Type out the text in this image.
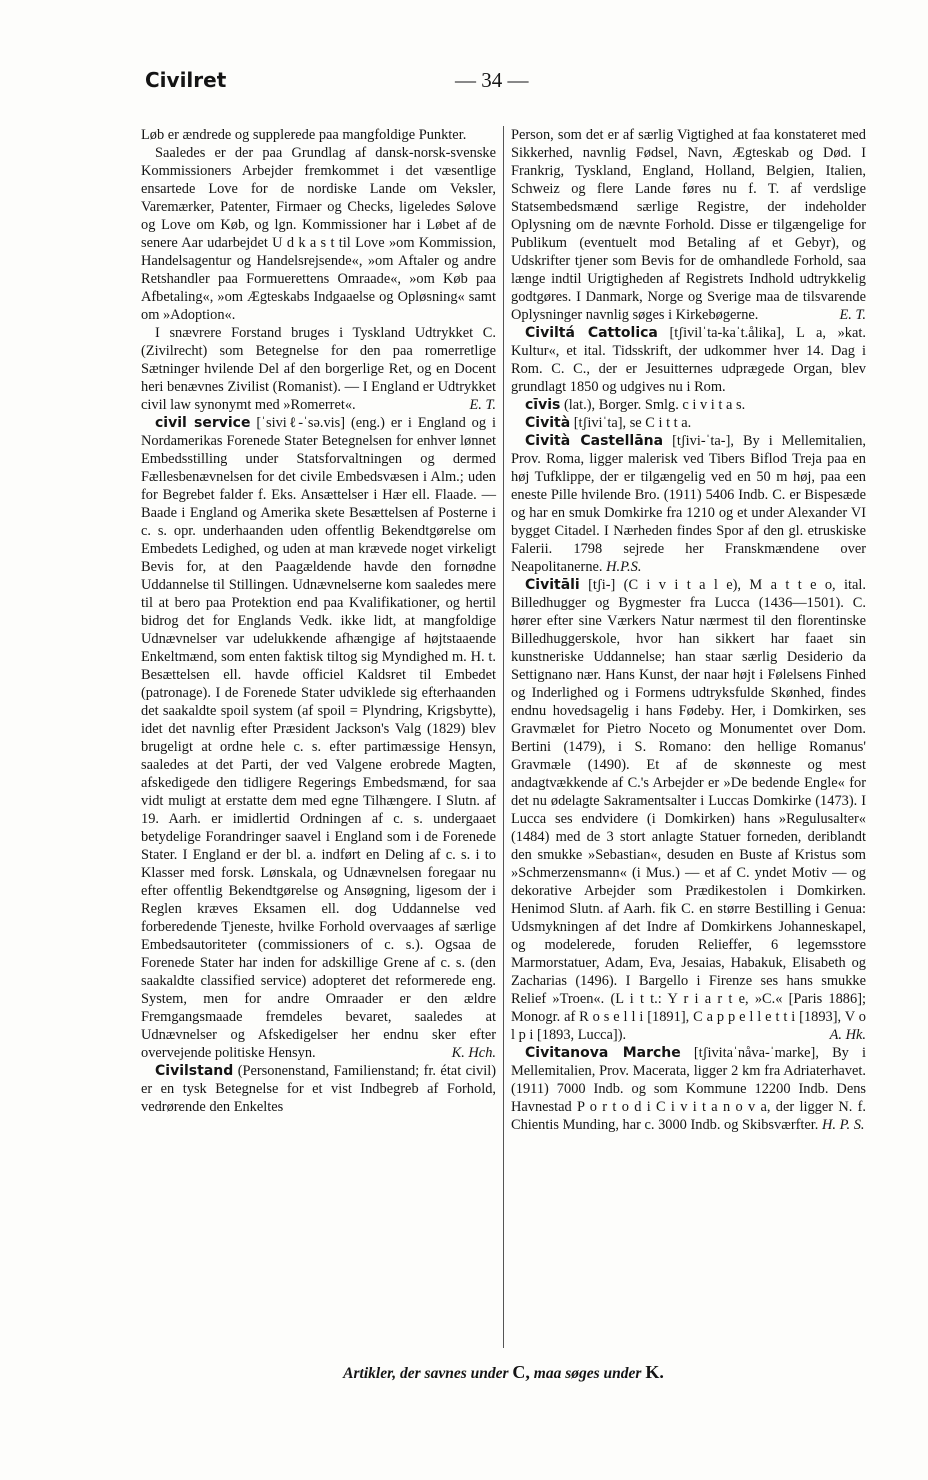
Civilret	— 34 —

Løb er ændrede og supplerede paa mangfoldige Punkter.

Saaledes er der paa Grundlag af dansk-norsk-svenske Kommissioners Arbejder fremkommet i det væsentlige ensartede Love for de nordiske Lande om Veksler, Varemærker, Patenter, Firmaer og Checks, ligeledes Sølove og Love om Køb, og lgn. Kommissioner har i Løbet af de senere Aar udarbejdet U d k a s t til Love »om Kommission, Handelsagentur og Handelsrejsende«, »om Aftaler og andre Retshandler paa Formuerettens Omraade«, »om Køb paa Afbetaling«, »om Ægteskabs Indgaaelse og Opløsning« samt om »Adoption«.

I snævrere Forstand bruges i Tyskland Udtrykket C. (Zivilrecht) som Betegnelse for den paa romerretlige Sætninger hvilende Del af den borgerlige Ret, og en Docent heri benævnes Zivilist (Romanist). — I England er Udtrykket civil law synonymt med »Romerret«.	E. T.

civil service [ˈsiviℓ-ˈsə.vis] (eng.) er i England og i Nordamerikas Forenede Stater Betegnelsen for enhver lønnet Embedsstilling under Statsforvaltningen og dermed Fællesbenævnelsen for det civile Embedsvæsen i Alm.; uden for Begrebet falder f. Eks. Ansættelser i Hær ell. Flaade. — Baade i England og Amerika skete Besættelsen af Posterne i c. s. opr. underhaanden uden offentlig Bekendtgørelse om Embedets Ledighed, og uden at man krævede noget virkeligt Bevis for, at den Paagældende havde den fornødne Uddannelse til Stillingen. Udnævnelserne kom saaledes mere til at bero paa Protektion end paa Kvalifikationer, og hertil bidrog det for Englands Vedk. ikke lidt, at mangfoldige Udnævnelser var udelukkende afhængige af højtstaaende Enkeltmænd, som enten faktisk tiltog sig Myndighed m. H. t. Besættelsen ell. havde officiel Kaldsret til Embedet (patronage). I de Forenede Stater udviklede sig efterhaanden det saakaldte spoil system (af spoil = Plyndring, Krigsbytte), idet det navnlig efter Præsident Jackson's Valg (1829) blev brugeligt at ordne hele c. s. efter partimæssige Hensyn, saaledes at det Parti, der ved Valgene erobrede Magten, afskedigede den tidligere Regerings Embedsmænd, for saa vidt muligt at erstatte dem med egne Tilhængere. I Slutn. af 19. Aarh. er imidlertid Ordningen af c. s. undergaaet betydelige Forandringer saavel i England som i de Forenede Stater. I England er der bl. a. indført en Deling af c. s. i to Klasser med forsk. Lønskala, og Udnævnelsen foregaar nu efter offentlig Bekendtgørelse og Ansøgning, ligesom der i Reglen kræves Eksamen ell. dog Uddannelse ved forberedende Tjeneste, hvilke Forhold overvaages af særlige Embedsautoriteter (commissioners of c. s.). Ogsaa de Forenede Stater har inden for adskillige Grene af c. s. (den saakaldte classified service) adopteret det reformerede eng. System, men for andre Omraader er den ældre Fremgangsmaade fremdeles bevaret, saaledes at Udnævnelser og Afskedigelser her endnu sker efter overvejende politiske Hensyn.	K. Hch.

Civilstand (Personenstand, Familienstand; fr. état civil) er en tysk Betegnelse for et vist Indbegreb af Forhold, vedrørende den Enkeltes

Person, som det er af særlig Vigtighed at faa konstateret med Sikkerhed, navnlig Fødsel, Navn, Ægteskab og Død. I Frankrig, Tyskland, England, Holland, Belgien, Italien, Schweiz og flere Lande føres nu f. T. af verdslige Statsembedsmænd særlige Registre, der indeholder Oplysning om de nævnte Forhold. Disse er tilgængelige for Publikum (eventuelt mod Betaling af et Gebyr), og Udskrifter tjener som Bevis for de omhandlede Forhold, saa længe indtil Urigtigheden af Registrets Indhold udtrykkelig godtgøres. I Danmark, Norge og Sverige maa de tilsvarende Oplysninger navnlig søges i Kirkebøgerne.	E. T.

Civiltá Cattolica [tʃivilˈta-kaˈt.ålika], L a, »kat. Kultur«, et ital. Tidsskrift, der udkommer hver 14. Dag i Rom. C. C., der er Jesuitternes udprægede Organ, blev grundlagt 1850 og udgives nu i Rom.

cīvis (lat.), Borger. Smlg. c i v i t a s.

Cività [tʃiviˈta], se C i t t a.

Cività Castellāna [tʃivi-ˈta-], By i Mellemitalien, Prov. Roma, ligger malerisk ved Tibers Biflod Treja paa en høj Tufklippe, der er tilgængelig ved en 50 m høj, paa een eneste Pille hvilende Bro. (1911) 5406 Indb. C. er Bispesæde og har en smuk Domkirke fra 1210 og et under Alexander VI bygget Citadel. I Nærheden findes Spor af den gl. etruskiske Falerii. 1798 sejrede her Franskmændene over Neapolitanerne. H.P.S.

Civitāli [tʃi-] (C i v i t a l e), M a t t e o, ital. Billedhugger og Bygmester fra Lucca (1436—1501). C. hører efter sine Værkers Natur nærmest til den florentinske Billedhuggerskole, hvor han sikkert har faaet sin kunstneriske Uddannelse; han staar særlig Desiderio da Settignano nær. Hans Kunst, der naar højt i Følelsens Finhed og Inderlighed og i Formens udtryksfulde Skønhed, findes endnu hovedsagelig i hans Fødeby. Her, i Domkirken, ses Gravmælet for Pietro Noceto og Monumentet over Dom. Bertini (1479), i S. Romano: den hellige Romanus' Gravmæle (1490). Et af de skønneste og mest andagtvækkende af C.'s Arbejder er »De bedende Engle« for det nu ødelagte Sakramentsalter i Luccas Domkirke (1473). I Lucca ses endvidere (i Domkirken) hans »Regulusalter« (1484) med de 3 stort anlagte Statuer forneden, deriblandt den smukke »Sebastian«, desuden en Buste af Kristus som »Schmerzensmann« (i Mus.) — et af C. yndet Motiv — og dekorative Arbejder som Prædikestolen i Domkirken. Henimod Slutn. af Aarh. fik C. en større Bestilling i Genua: Udsmykningen af det Indre af Domkirkens Johanneskapel, og modelerede, foruden Relieffer, 6 legemsstore Marmorstatuer, Adam, Eva, Jesaias, Habakuk, Elisabeth og Zacharias (1496). I Bargello i Firenze ses hans smukke Relief »Troen«. (L i t t.: Y r i a r t e, »C.« [Paris 1886]; Monogr. af R o s e l l i [1891], C a p p e l l e t t i [1893], V o l p i [1893, Lucca]).	A. Hk.

Civitanova Marche [tʃivitaˈnåva-ˈmarke], By i Mellemitalien, Prov. Macerata, ligger 2 km fra Adriaterhavet. (1911) 7000 Indb. og som Kommune 12200 Indb. Dens Havnestad P o r t o d i C i v i t a n o v a, der ligger N. f. Chientis Munding, har c. 3000 Indb. og Skibsværfter. H. P. S.

Artikler, der savnes under C, maa søges under K.
